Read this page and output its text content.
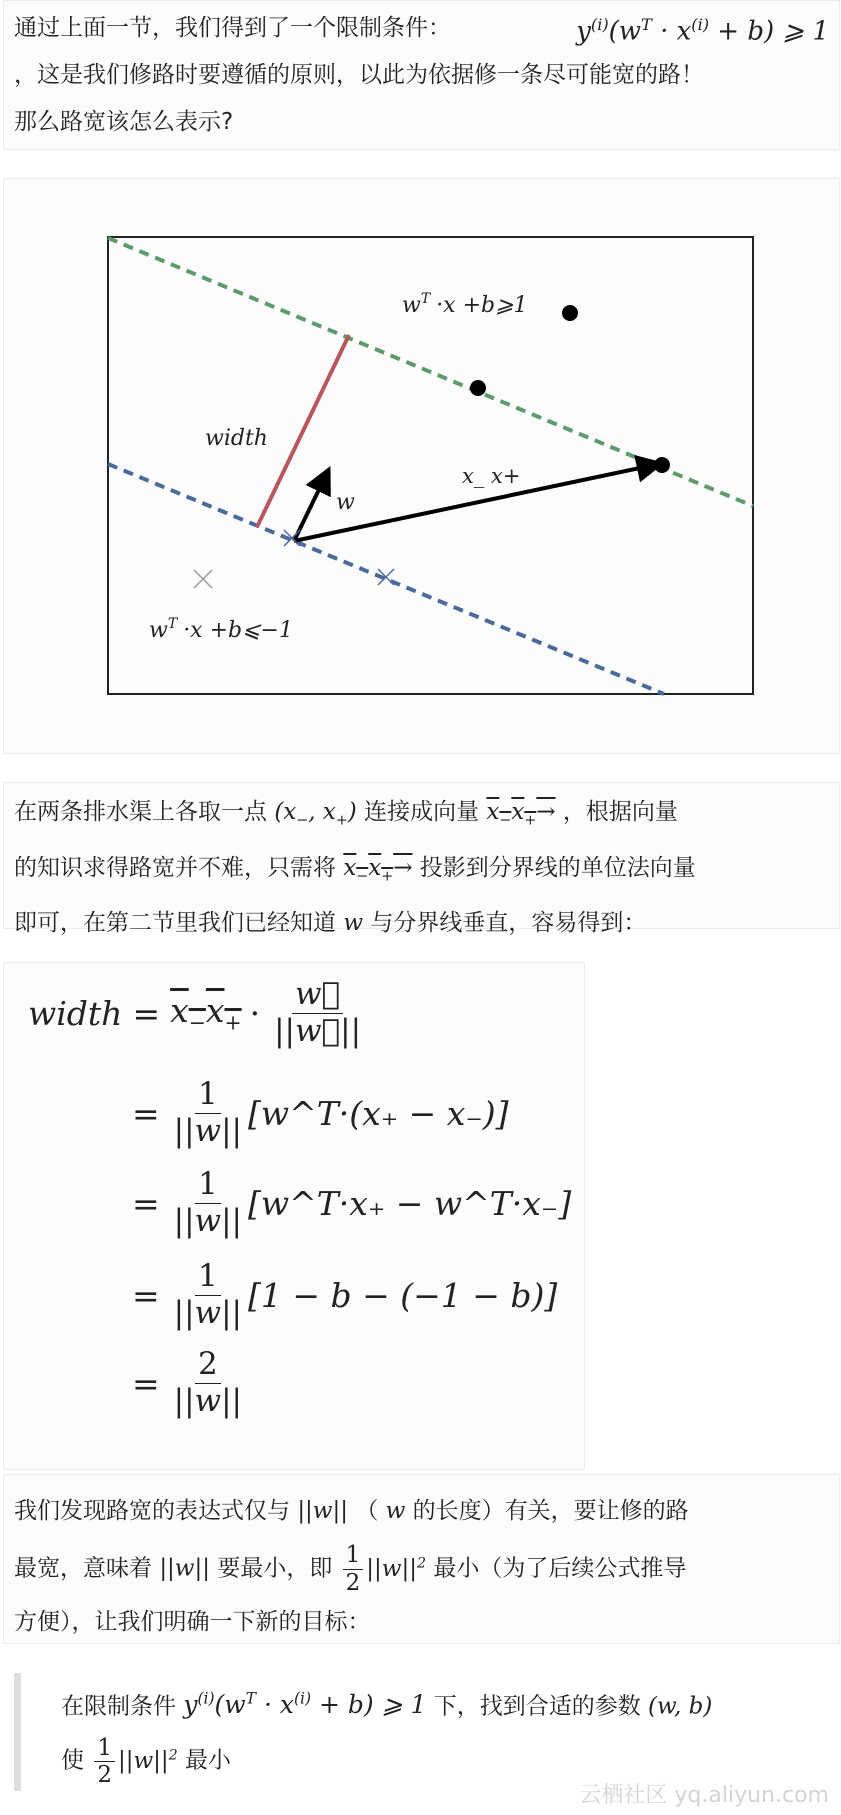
通过上面一节，我们得到了一个限制条件：	$y^{(i)}(w^T \cdot x^{(i)} + b)$ ⩾ 1
，这是我们修路时要遵循的原则，以此为依据修一条尽可能宽的路！
那么路宽该怎么表示?
width
w
x_ x+
$w^T \cdot x$ +b⩾1
$w^T \cdot x$ +b⩽−1
在两条排水渠上各取一点 ($x_-$, $x_+$) 连接成向量 $x_-x_+\to$ ，根据向量
的知识求得路宽并不难，只需将 $x_-x_+\to$ 投影到分界线的单位法向量
即可，在第二节里我们已经知道 w 与分界线垂直，容易得到：
width = $x_-x_+ \cdot \frac{w⃗}{||w⃗||}$
= $\frac{1}{||w||}$ [w^T·(x₊ − x₋)]
= $\frac{1}{||w||}$ [w^T·x₊ − w^T·x₋]
= $\frac{1}{||w||} [1 - b - (-1 - b)]$
= $\frac{2}{||w||}$
我们发现路宽的表达式仅与 ||w|| （ w 的长度）有关，要让修的路
最宽，意味着 ||w|| 要最小，即 $\frac{1}{2} ||w||^2$ 最小（为了后续公式推导
方便），让我们明确一下新的目标：
在限制条件 $y^{(i)}(w^T \cdot x^{(i)} + b)$ ⩾ 1 下，找到合适的参数 (w, b)
使 $\frac{1}{2} ||w||^2$ 最小
云栖社区 yq.aliyun.com
